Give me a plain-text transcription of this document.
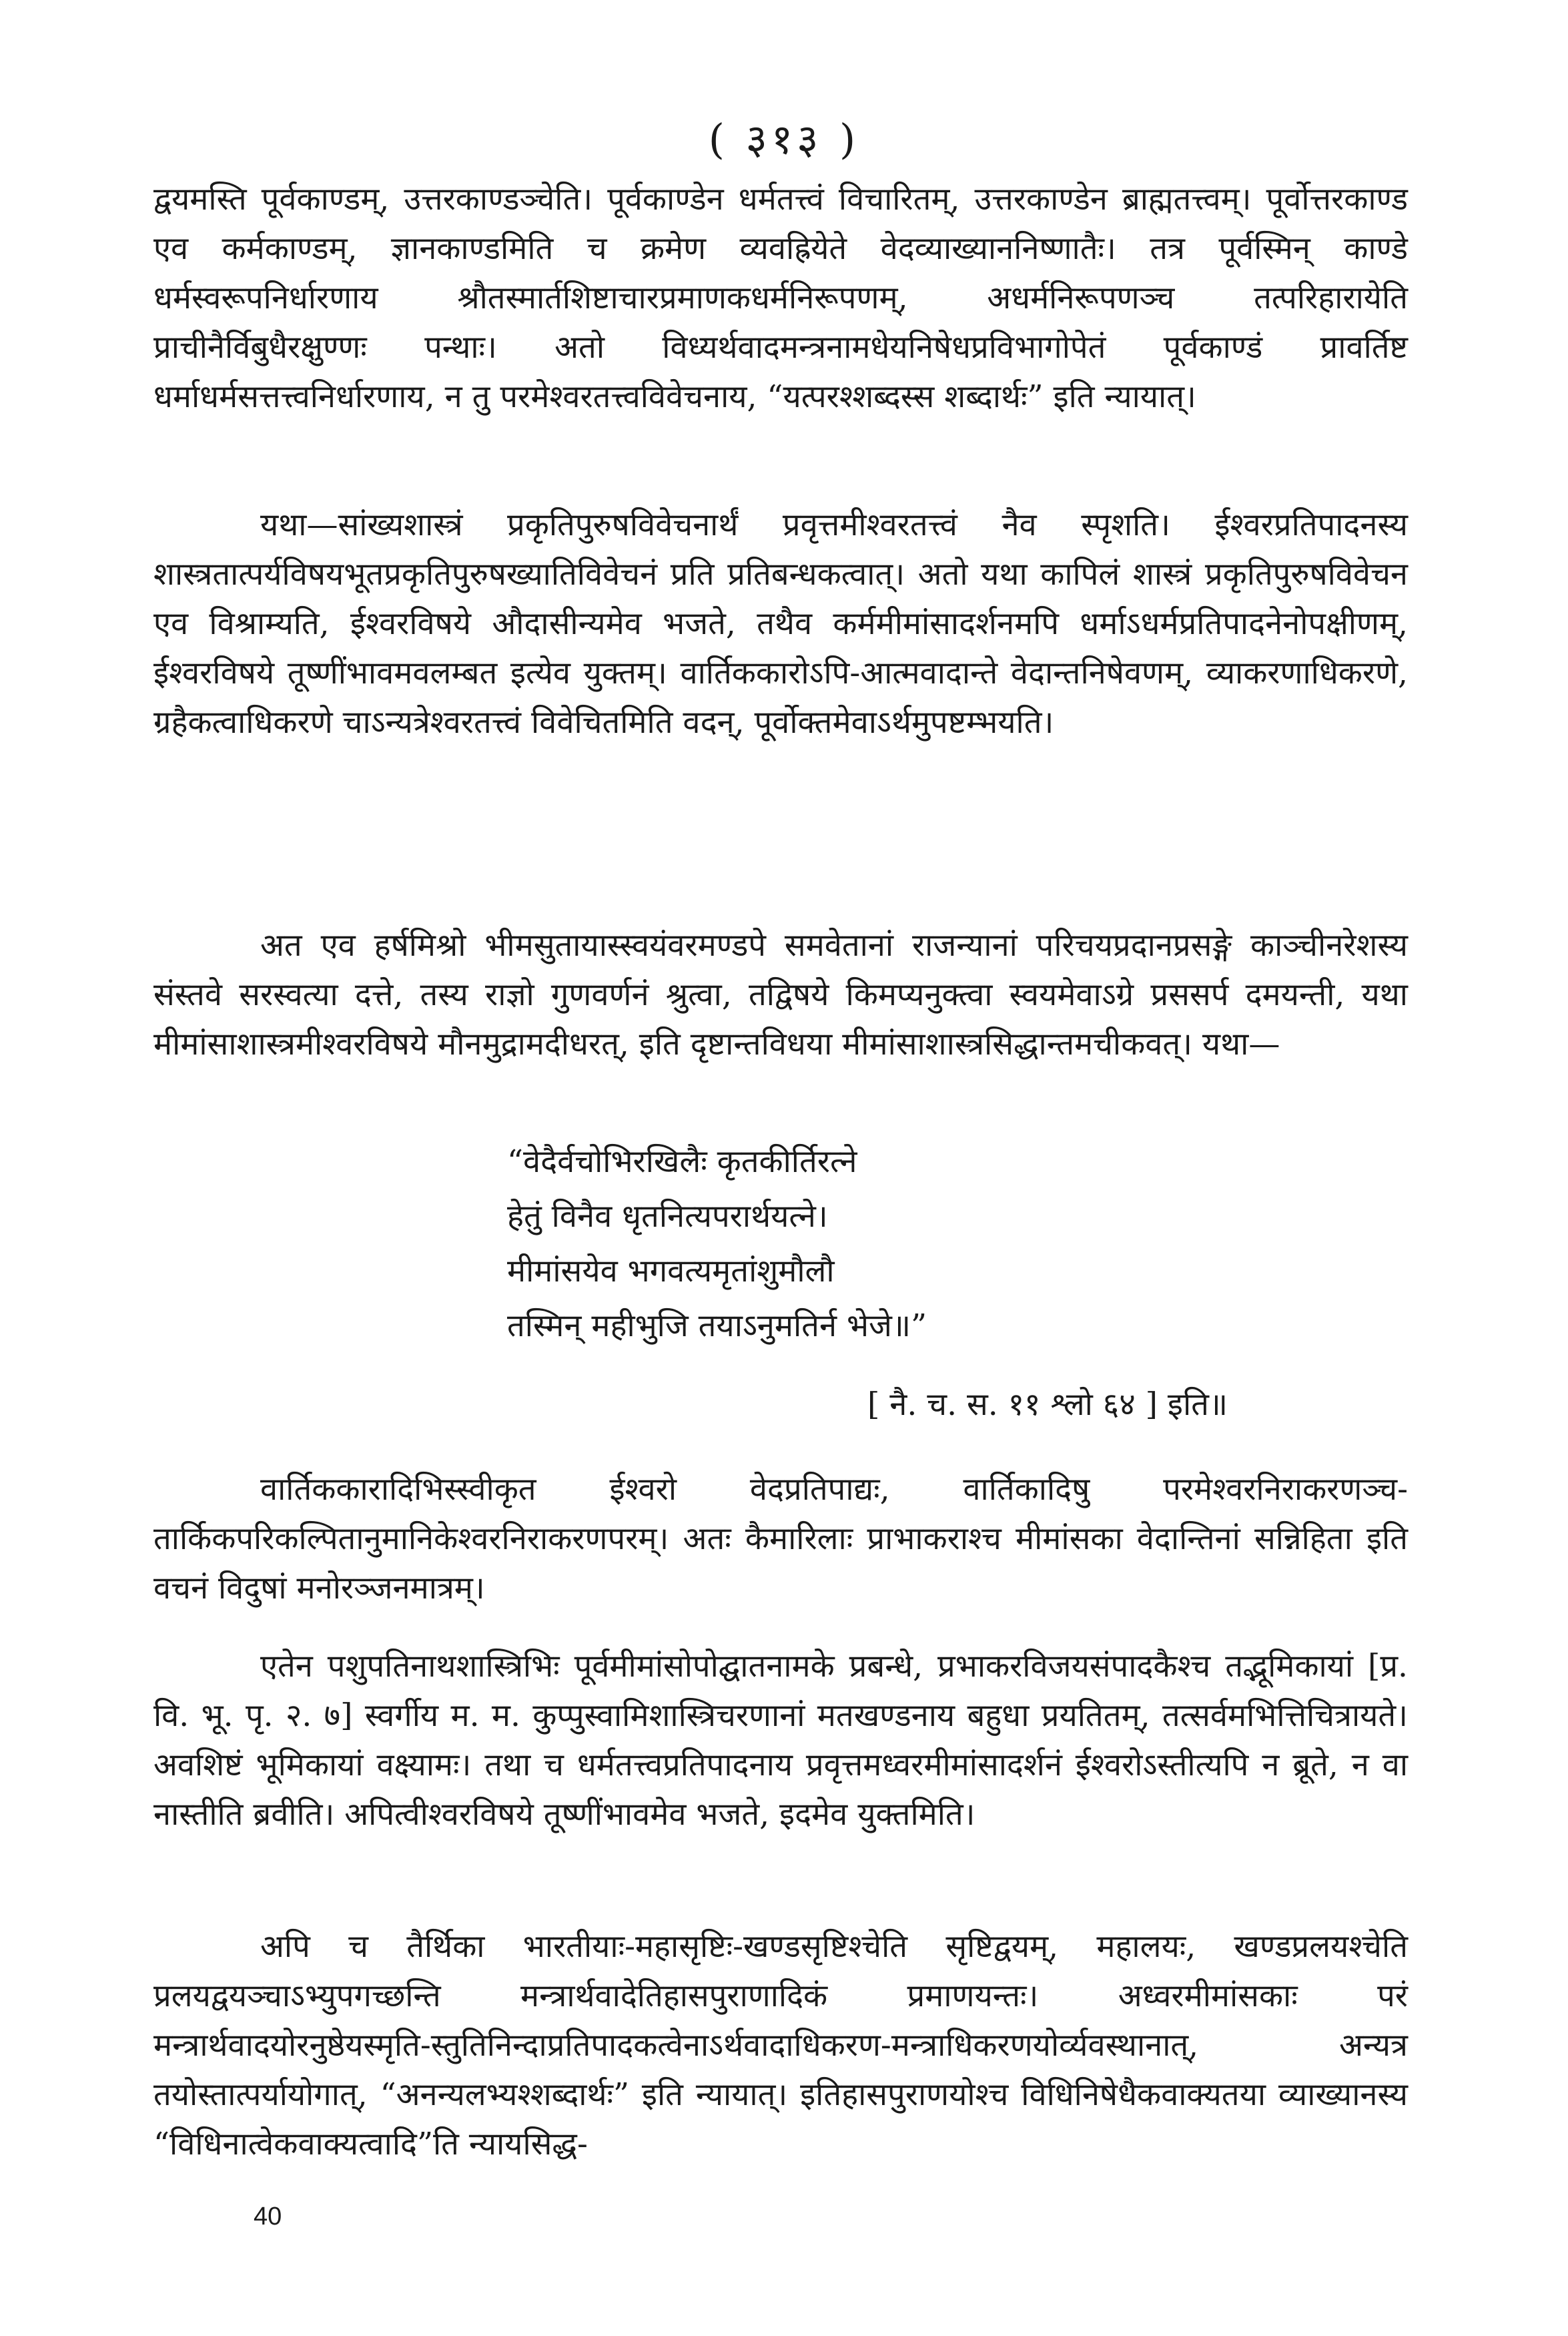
( ३१३ )

द्वयमस्ति पूर्वकाण्डम्, उत्तरकाण्डञ्चेति। पूर्वकाण्डेन धर्मतत्त्वं विचारितम्, उत्तरकाण्डेन ब्राह्मतत्त्वम्। पूर्वोत्तरकाण्ड एव कर्मकाण्डम्, ज्ञानकाण्डमिति च क्रमेण व्यवह्रियेते वेदव्याख्याननिष्णातैः। तत्र पूर्वस्मिन् काण्डे धर्मस्वरूपनिर्धारणाय श्रौतस्मार्तशिष्टाचारप्रमाणकधर्मनिरूपणम्, अधर्मनिरूपणञ्च तत्परिहारायेति प्राचीनैर्विबुधैरक्षुण्णः पन्थाः। अतो विध्यर्थवादमन्त्रनामधेयनिषेधप्रविभागोपेतं पूर्वकाण्डं प्रावर्तिष्ट धर्माधर्मसत्तत्त्वनिर्धारणाय, न तु परमेश्वरतत्त्वविवेचनाय, “यत्परश्शब्दस्स शब्दार्थः” इति न्यायात्।

यथा—सांख्यशास्त्रं प्रकृतिपुरुषविवेचनार्थं प्रवृत्तमीश्वरतत्त्वं नैव स्पृशति। ईश्वरप्रतिपादनस्य शास्त्रतात्पर्यविषयभूतप्रकृतिपुरुषख्यातिविवेचनं प्रति प्रतिबन्धकत्वात्। अतो यथा कापिलं शास्त्रं प्रकृतिपुरुषविवेचन एव विश्राम्यति, ईश्वरविषये औदासीन्यमेव भजते, तथैव कर्ममीमांसादर्शनमपि धर्माऽधर्मप्रतिपादनेनोपक्षीणम्, ईश्वरविषये तूष्णींभावमवलम्बत इत्येव युक्तम्। वार्तिककारोऽपि-आत्मवादान्ते वेदान्तनिषेवणम्, व्याकरणाधिकरणे, ग्रहैकत्वाधिकरणे चाऽन्यत्रेश्वरतत्त्वं विवेचितमिति वदन्, पूर्वोक्तमेवाऽर्थमुपष्टम्भयति।

अत एव हर्षमिश्रो भीमसुतायास्स्वयंवरमण्डपे समवेतानां राजन्यानां परिचयप्रदानप्रसङ्गे काञ्चीनरेशस्य संस्तवे सरस्वत्या दत्ते, तस्य राज्ञो गुणवर्णनं श्रुत्वा, तद्विषये किमप्यनुक्त्वा स्वयमेवाऽग्रे प्रससर्प दमयन्ती, यथा मीमांसाशास्त्रमीश्वरविषये मौनमुद्रामदीधरत्, इति दृष्टान्तविधया मीमांसाशास्त्रसिद्धान्तमचीकवत्। यथा—

“वेदैर्वचोभिरखिलैः कृतकीर्तिरत्ने
हेतुं विनैव धृतनित्यपरार्थयत्ने।
मीमांसयेव भगवत्यमृतांशुमौलौ
तस्मिन् महीभुजि तयाऽनुमतिर्न भेजे॥”
[ नै. च. स. ११ श्लो ६४ ] इति॥

वार्तिककारादिभिस्स्वीकृत ईश्वरो वेदप्रतिपाद्यः, वार्तिकादिषु परमेश्वरनिराकरणञ्च- तार्किकपरिकल्पितानुमानिकेश्वरनिराकरणपरम्। अतः कैमारिलाः प्राभाकराश्च मीमांसका वेदान्तिनां सन्निहिता इति वचनं विदुषां मनोरञ्जनमात्रम्।

एतेन पशुपतिनाथशास्त्रिभिः पूर्वमीमांसोपोद्घातनामके प्रबन्धे, प्रभाकरविजयसंपादकैश्च तद्भूमिकायां [प्र. वि. भू. पृ. २. ७] स्वर्गीय म. म. कुप्पुस्वामिशास्त्रिचरणानां मतखण्डनाय बहुधा प्रयतितम्, तत्सर्वमभित्तिचित्रायते। अवशिष्टं भूमिकायां वक्ष्यामः। तथा च धर्मतत्त्वप्रतिपादनाय प्रवृत्तमध्वरमीमांसादर्शनं ईश्वरोऽस्तीत्यपि न ब्रूते, न वा नास्तीति ब्रवीति। अपित्वीश्वरविषये तूष्णींभावमेव भजते, इदमेव युक्तमिति।

अपि च तैर्थिका भारतीयाः-महासृष्टिः-खण्डसृष्टिश्चेति सृष्टिद्वयम्, महालयः, खण्डप्रलयश्चेति प्रलयद्वयञ्चाऽभ्युपगच्छन्ति मन्त्रार्थवादेतिहासपुराणादिकं प्रमाणयन्तः। अध्वरमीमांसकाः परं मन्त्रार्थवादयोरनुष्ठेयस्मृति-स्तुतिनिन्दाप्रतिपादकत्वेनाऽर्थवादाधिकरण-मन्त्राधिकरणयोर्व्यवस्थानात्, अन्यत्र तयोस्तात्पर्यायोगात्, “अनन्यलभ्यश्शब्दार्थः” इति न्यायात्। इतिहासपुराणयोश्च विधिनिषेधैकवाक्यतया व्याख्यानस्य “विधिनात्वेकवाक्यत्वादि”ति न्यायसिद्ध-

40
